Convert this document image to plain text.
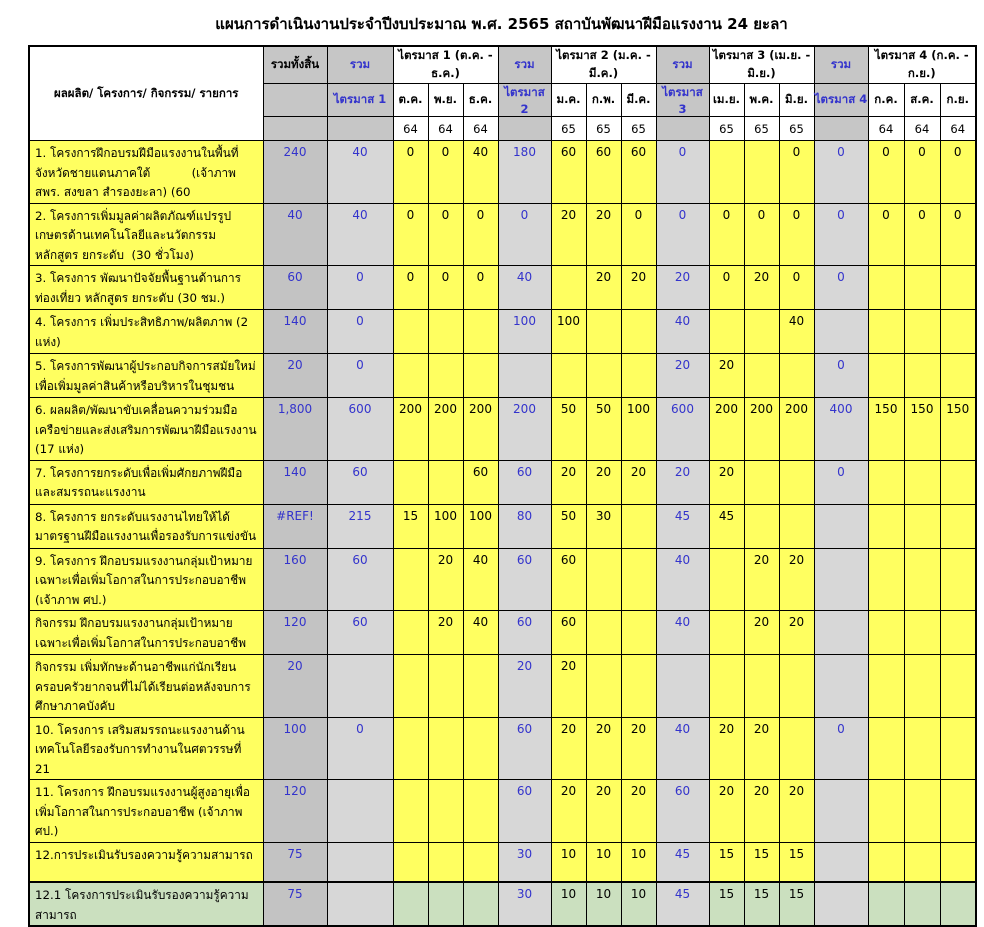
แผนการดำเนินงานประจำปีงบประมาณ พ.ศ. 2565 สถาบันพัฒนาฝีมือแรงงาน 24 ยะลา
ผลผลิต/ โครงการ/ กิจกรรม/ รายการ	รวมทั้งสิ้น	รวม	ไตรมาส 1 (ต.ค. - ธ.ค.)			รวม	ไตรมาส 2 (ม.ค. - มี.ค.)			รวม	ไตรมาส 3 (เม.ย. - มิ.ย.)			รวม	ไตรมาส 4 (ก.ค. - ก.ย.)		
		ไตรมาส 1	ต.ค.	พ.ย.	ธ.ค.	ไตรมาส 2	ม.ค.	ก.พ.	มี.ค.	ไตรมาส 3	เม.ย.	พ.ค.	มิ.ย.	ไตรมาส 4	ก.ค.	ส.ค.	ก.ย.
			64	64	64		65	65	65		65	65	65		64	64	64
1. โครงการฝึกอบรมฝีมือแรงงานในพื้นที่จังหวัดชายแดนภาคใต้           (เจ้าภาพ สพร. สงขลา สำรองยะลา) (60	240	40	0	0	40	180	60	60	60	0			0	0	0	0	0
2. โครงการเพิ่มมูลค่าผลิตภัณฑ์แปรรูปเกษตรด้านเทคโนโลยีและนวัตกรรม หลักสูตร ยกระดับ  (30 ชั่วโมง)	40	40	0	0	0	0	20	20	0	0	0	0	0	0	0	0	0
3. โครงการ พัฒนาปัจจัยพื้นฐานด้านการท่องเที่ยว หลักสูตร ยกระดับ (30 ชม.)	60	0	0	0	0	40		20	20	20	0	20	0	0			
4. โครงการ เพิ่มประสิทธิภาพ/ผลิตภาพ (2 แห่ง)	140	0				100	100			40			40				
5. โครงการพัฒนาผู้ประกอบกิจการสมัยใหม่เพื่อเพิ่มมูลค่าสินค้าหรือบริหารในชุมชน	20	0								20	20			0			
6. ผลผลิต/พัฒนาขับเคลื่อนความร่วมมือเครือข่ายและส่งเสริมการพัฒนาฝีมือแรงงาน (17 แห่ง)	1,800	600	200	200	200	200	50	50	100	600	200	200	200	400	150	150	150
7. โครงการยกระดับเพื่อเพิ่มศักยภาพฝีมือและสมรรถนะแรงงาน	140	60			60	60	20	20	20	20	20			0			
8. โครงการ ยกระดับแรงงานไทยให้ได้มาตรฐานฝีมือแรงงานเพื่อรองรับการแข่งขัน	#REF!	215	15	100	100	80	50	30		45	45						
9. โครงการ ฝึกอบรมแรงงานกลุ่มเป้าหมายเฉพาะเพื่อเพิ่มโอกาสในการประกอบอาชีพ (เจ้าภาพ ศป.)	160	60		20	40	60	60			40		20	20				
กิจกรรม ฝึกอบรมแรงงานกลุ่มเป้าหมายเฉพาะเพื่อเพิ่มโอกาสในการประกอบอาชีพ	120	60		20	40	60	60			40		20	20				
กิจกรรม เพิ่มทักษะด้านอาชีพแก่นักเรียนครอบครัวยากจนที่ไม่ได้เรียนต่อหลังจบการศึกษาภาคบังคับ	20					20	20										
10. โครงการ เสริมสมรรถนะแรงงานด้านเทคโนโลยีรองรับการทำงานในศตวรรษที่ 21	100	0				60	20	20	20	40	20	20		0			
11. โครงการ ฝึกอบรมแรงงานผู้สูงอายุเพื่อเพิ่มโอกาสในการประกอบอาชีพ (เจ้าภาพ  ศป.)	120					60	20	20	20	60	20	20	20				
12.การประเมินรับรองความรู้ความสามารถ	75					30	10	10	10	45	15	15	15				
12.1 โครงการประเมินรับรองความรู้ความสามารถ	75					30	10	10	10	45	15	15	15				
